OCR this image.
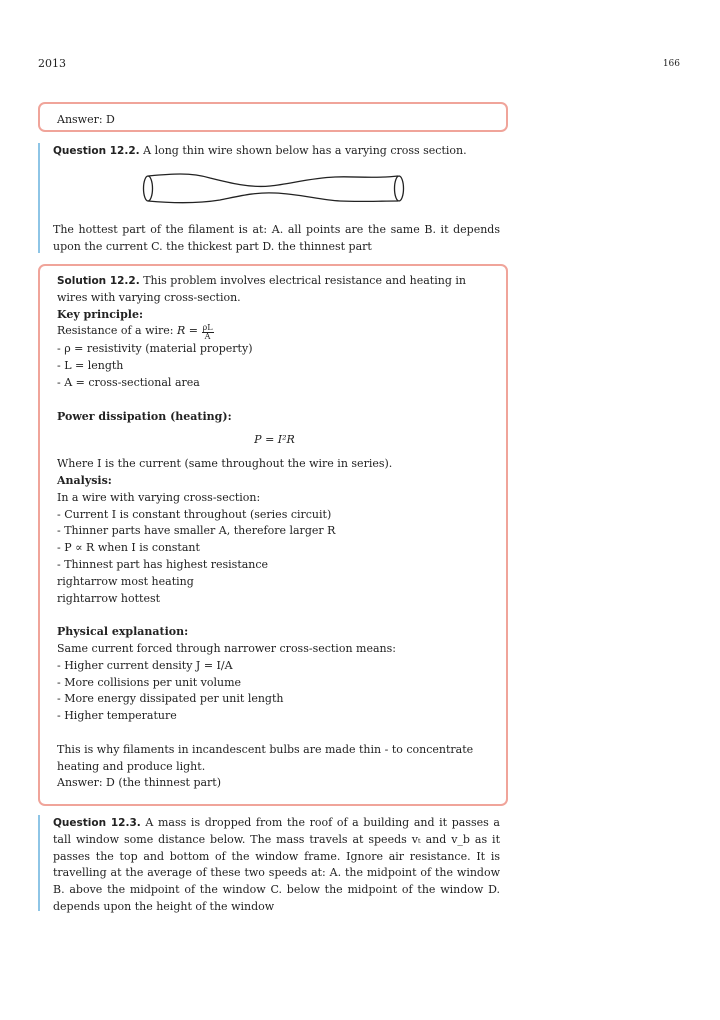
2013	166
Answer: D
Question 12.2. A long thin wire shown below has a varying cross section.
The hottest part of the filament is at: A. all points are the same B. it depends upon the current C. the thickest part D. the thinnest part

Solution 12.2. This problem involves electrical resistance and heating in wires with varying cross-section.

Key principle:

Resistance of a wire: $R = \frac{\rho L}{A}$

- ρ = resistivity (material property)

- L = length

- A = cross-sectional area

Power dissipation (heating):

P = I²R

Where I is the current (same throughout the wire in series).

Analysis:

In a wire with varying cross-section:

- Current I is constant throughout (series circuit)

- Thinner parts have smaller A, therefore larger R

- P ∝ R when I is constant

- Thinnest part has highest resistance

rightarrow most heating

rightarrow hottest

Physical explanation:

Same current forced through narrower cross-section means:

- Higher current density J = I/A

- More collisions per unit volume

- More energy dissipated per unit length

- Higher temperature

This is why filaments in incandescent bulbs are made thin - to concentrate heating and produce light.

Answer: D (the thinnest part)

Question 12.3. A mass is dropped from the roof of a building and it passes a tall window some distance below. The mass travels at speeds vₜ and v_b as it passes the top and bottom of the window frame. Ignore air resistance. It is travelling at the average of these two speeds at: A. the midpoint of the window B. above the midpoint of the window C. below the midpoint of the window D. depends upon the height of the window
